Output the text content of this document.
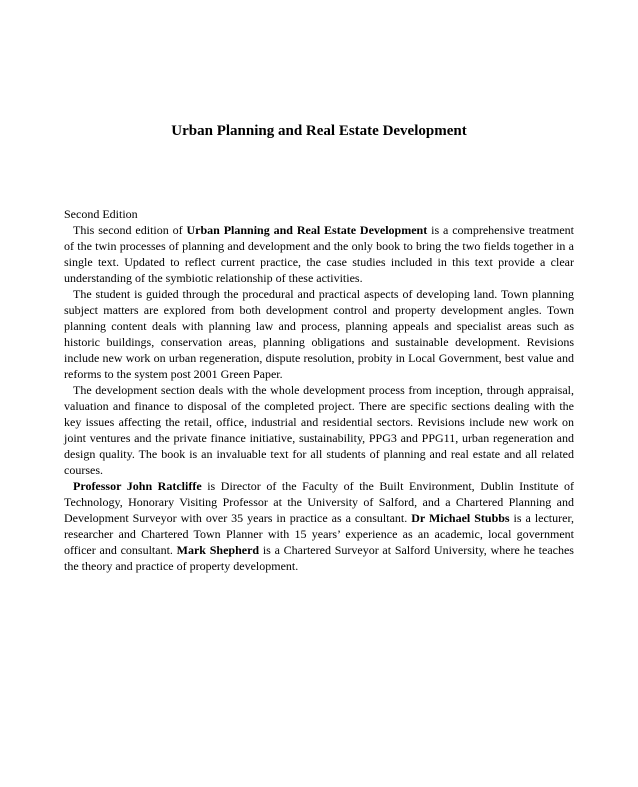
Urban Planning and Real Estate Development

Second Edition

This second edition of Urban Planning and Real Estate Development is a comprehensive treatment of the twin processes of planning and development and the only book to bring the two fields together in a single text. Updated to reflect current practice, the case studies included in this text provide a clear understanding of the symbiotic relationship of these activities.

The student is guided through the procedural and practical aspects of developing land. Town planning subject matters are explored from both development control and property development angles. Town planning content deals with planning law and process, planning appeals and specialist areas such as historic buildings, conservation areas, planning obligations and sustainable development. Revisions include new work on urban regeneration, dispute resolution, probity in Local Government, best value and reforms to the system post 2001 Green Paper.

The development section deals with the whole development process from inception, through appraisal, valuation and finance to disposal of the completed project. There are specific sections dealing with the key issues affecting the retail, office, industrial and residential sectors. Revisions include new work on joint ventures and the private finance initiative, sustainability, PPG3 and PPG11, urban regeneration and design quality. The book is an invaluable text for all students of planning and real estate and all related courses.

Professor John Ratcliffe is Director of the Faculty of the Built Environment, Dublin Institute of Technology, Honorary Visiting Professor at the University of Salford, and a Chartered Planning and Development Surveyor with over 35 years in practice as a consultant. Dr Michael Stubbs is a lecturer, researcher and Chartered Town Planner with 15 years’ experience as an academic, local government officer and consultant. Mark Shepherd is a Chartered Surveyor at Salford University, where he teaches the theory and practice of property development.
